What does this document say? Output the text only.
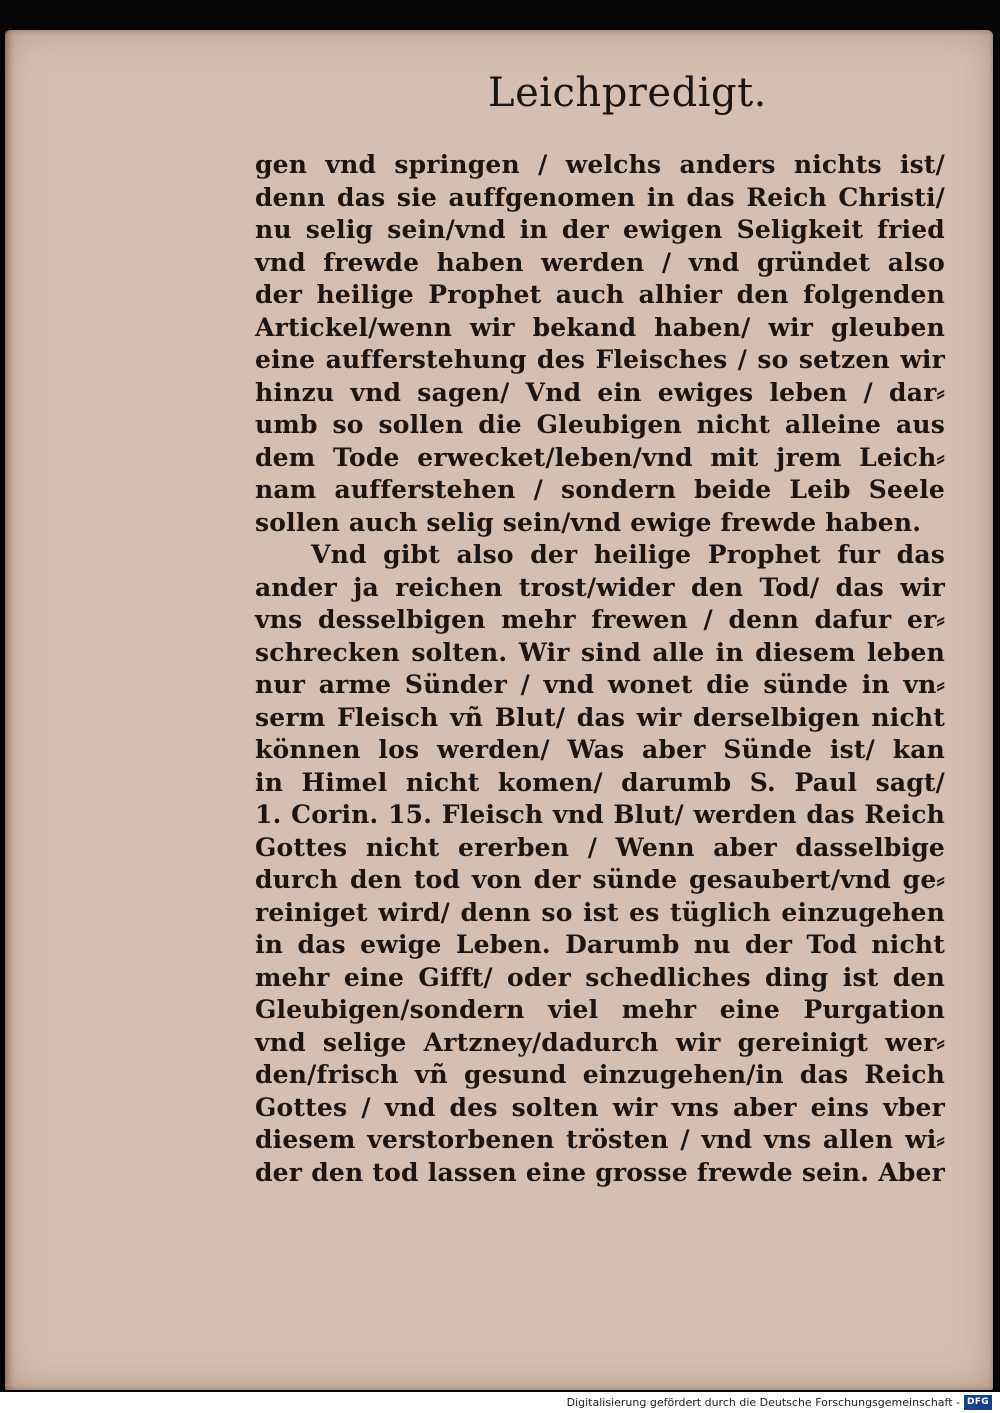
Leichpredigt.
gen vnd springen / welchs anders nichts ist/
denn das sie auffgenomen in das Reich Christi/
nu selig sein/vnd in der ewigen Seligkeit fried
vnd frewde haben werden / vnd gründet also
der heilige Prophet auch alhier den folgenden
Artickel/wenn wir bekand haben/ wir gleuben
eine aufferstehung des Fleisches / so setzen wir
hinzu vnd sagen/ Vnd ein ewiges leben / dar⸗
umb so sollen die Gleubigen nicht alleine aus
dem Tode erwecket/leben/vnd mit jrem Leich⸗
nam aufferstehen / sondern beide Leib Seele
sollen auch selig sein/vnd ewige frewde haben.
Vnd gibt also der heilige Prophet fur das
ander ja reichen trost/wider den Tod/ das wir
vns desselbigen mehr frewen / denn dafur er⸗
schrecken solten. Wir sind alle in diesem leben
nur arme Sünder / vnd wonet die sünde in vn⸗
serm Fleisch vñ Blut/ das wir derselbigen nicht
können los werden/ Was aber Sünde ist/ kan
in Himel nicht komen/ darumb S. Paul sagt/
1. Corin. 15. Fleisch vnd Blut/ werden das Reich
Gottes nicht ererben / Wenn aber dasselbige
durch den tod von der sünde gesaubert/vnd ge⸗
reiniget wird/ denn so ist es tüglich einzugehen
in das ewige Leben. Darumb nu der Tod nicht
mehr eine Gifft/ oder schedliches ding ist den
Gleubigen/sondern viel mehr eine Purgation
vnd selige Artzney/dadurch wir gereinigt wer⸗
den/frisch vñ gesund einzugehen/in das Reich
Gottes / vnd des solten wir vns aber eins vber
diesem verstorbenen trösten / vnd vns allen wi⸗
der den tod lassen eine grosse frewde sein. Aber
Digitalisierung gefördert durch die Deutsche Forschungsgemeinschaft - DFG
